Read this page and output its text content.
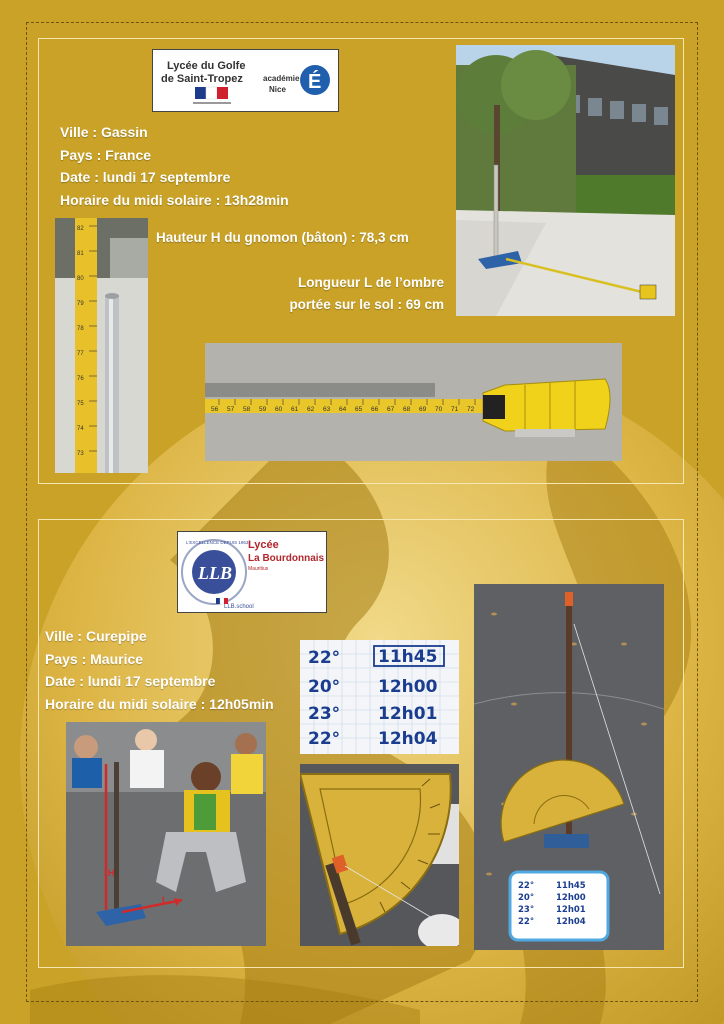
Lycée du Golfe
de Saint-Tropez	académie
Nice É
Ville : Gassin
Pays : France
Date : lundi 17 septembre
Horaire du midi solaire : 13h28min
Hauteur H du gnomon (bâton) : 78,3 cm
Longueur L de l’ombre
portée sur le sol : 69 cm
82
81
80
79
78
77
76
75
74
73
56 57 58 59 60 61 62 63 64 65 66 67 68 69 70 71 72
LLB
L'EXCELLENCE DEPUIS 1953
LLB.school
Lycée
La Bourdonnais
Mauritius
Ville : Curepipe
Pays : Maurice
Date : lundi 17 septembre
Horaire du midi solaire : 12h05min
22°
20°
23°
22°
11h45
12h00
12h01
12h04
22°
20°
23°
22°
11h45
12h00
12h01
12h04
H
L
